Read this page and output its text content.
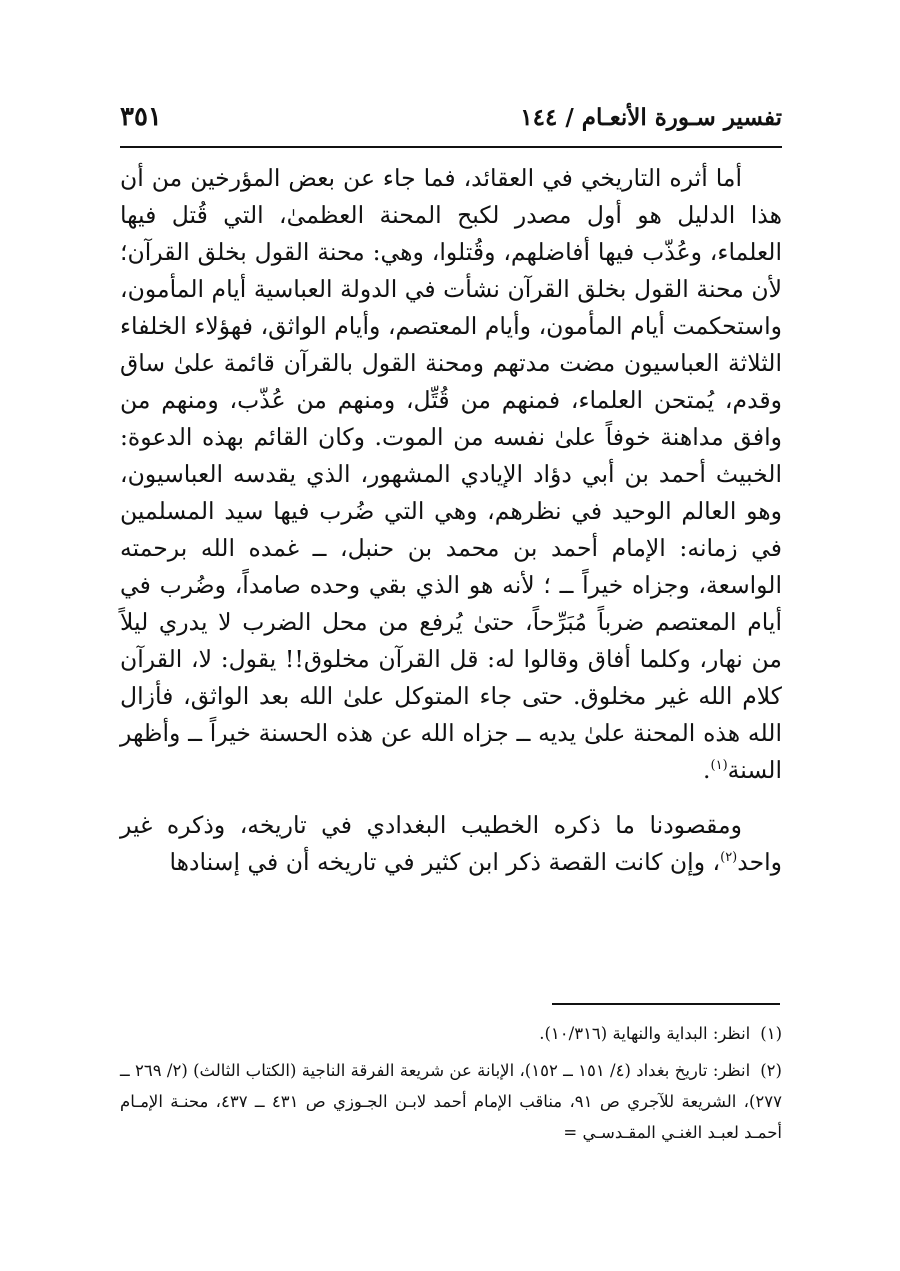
تفسير سـورة الأنعـام / ١٤٤
٣٥١

أما أثره التاريخي في العقائد، فما جاء عن بعض المؤرخين من أن هذا الدليل هو أول مصدر لكبح المحنة العظمىٰ، التي قُتل فيها العلماء، وعُذّب فيها أفاضلهم، وقُتلوا، وهي: محنة القول بخلق القرآن؛ لأن محنة القول بخلق القرآن نشأت في الدولة العباسية أيام المأمون، واستحكمت أيام المأمون، وأيام المعتصم، وأيام الواثق، فهؤلاء الخلفاء الثلاثة العباسيون مضت مدتهم ومحنة القول بالقرآن قائمة علىٰ ساق وقدم، يُمتحن العلماء، فمنهم من قُتِّل، ومنهم من عُذّب، ومنهم من وافق مداهنة خوفاً علىٰ نفسه من الموت. وكان القائم بهذه الدعوة: الخبيث أحمد بن أبي دؤاد الإيادي المشهور، الذي يقدسه العباسيون، وهو العالم الوحيد في نظرهم، وهي التي ضُرب فيها سيد المسلمين في زمانه: الإمام أحمد بن محمد بن حنبل، ــ غمده الله برحمته الواسعة، وجزاه خيراً ــ ؛ لأنه هو الذي بقي وحده صامداً، وضُرب في أيام المعتصم ضرباً مُبَرِّحاً، حتىٰ يُرفع من محل الضرب لا يدري ليلاً من نهار، وكلما أفاق وقالوا له: قل القرآن مخلوق!! يقول: لا، القرآن كلام الله غير مخلوق. حتى جاء المتوكل علىٰ الله بعد الواثق، فأزال الله هذه المحنة علىٰ يديه ــ جزاه الله عن هذه الحسنة خيراً ــ وأظهر السنة$^{(١)}$.

ومقصودنا ما ذكره الخطيب البغدادي في تاريخه، وذكره غير واحد$^{(٢)}$، وإن كانت القصة ذكر ابن كثير في تاريخه أن في إسنادها

(١)انظر: البداية والنهاية (١٠/٣١٦).

(٢)انظر: تاريخ بغداد (٤/ ١٥١ ــ ١٥٢)، الإبانة عن شريعة الفرقة الناجية (الكتاب الثالث) (٢/ ٢٦٩ ــ ٢٧٧)، الشريعة للآجري ص ٩١، مناقب الإمام أحمد لابـن الجـوزي ص ٤٣١ ــ ٤٣٧، محنـة الإمـام أحمـد لعبـد الغنـي المقـدسـي =
